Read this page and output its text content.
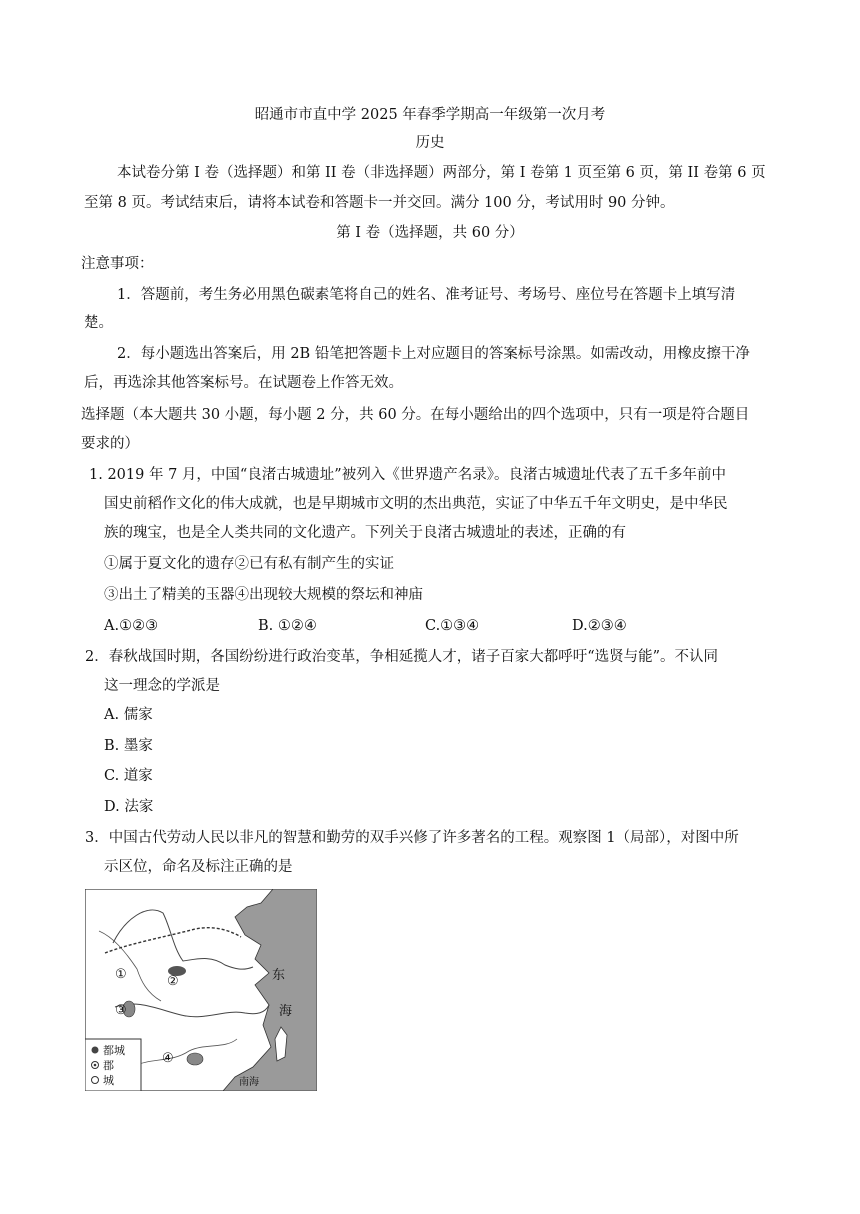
昭通市市直中学 2025 年春季学期高一年级第一次月考
历史
本试卷分第 I 卷（选择题）和第 II 卷（非选择题）两部分，第 I 卷第 1 页至第 6 页，第 II 卷第 6 页
至第 8 页。考试结束后，请将本试卷和答题卡一并交回。满分 100 分，考试用时 90 分钟。
第 I 卷（选择题，共 60 分）
注意事项：
1．答题前，考生务必用黑色碳素笔将自己的姓名、准考证号、考场号、座位号在答题卡上填写清
楚。
2．每小题选出答案后，用 2B 铅笔把答题卡上对应题目的答案标号涂黑。如需改动，用橡皮擦干净
后，再选涂其他答案标号。在试题卷上作答无效。
选择题（本大题共 30 小题，每小题 2 分，共 60 分。在每小题给出的四个选项中，只有一项是符合题目
要求的）
1. 2019 年 7 月，中国“良渚古城遗址”被列入《世界遗产名录》。良渚古城遗址代表了五千多年前中
国史前稻作文化的伟大成就，也是早期城市文明的杰出典范，实证了中华五千年文明史，是中华民
族的瑰宝，也是全人类共同的文化遗产。下列关于良渚古城遗址的表述，正确的有
①属于夏文化的遗存②已有私有制产生的实证
③出土了精美的玉器④出现较大规模的祭坛和神庙
A.①②③	B. ①②④	C.①③④	D.②③④
2．春秋战国时期，各国纷纷进行政治变革，争相延揽人才，诸子百家大都呼吁“选贤与能”。不认同
这一理念的学派是
A. 儒家
B. 墨家
C. 道家
D. 法家
3．中国古代劳动人民以非凡的智慧和勤劳的双手兴修了许多著名的工程。观察图 1（局部），对图中所
示区位，命名及标注正确的是
渤
海
东
海
南海
①	②
③
④
都城
郡
城
